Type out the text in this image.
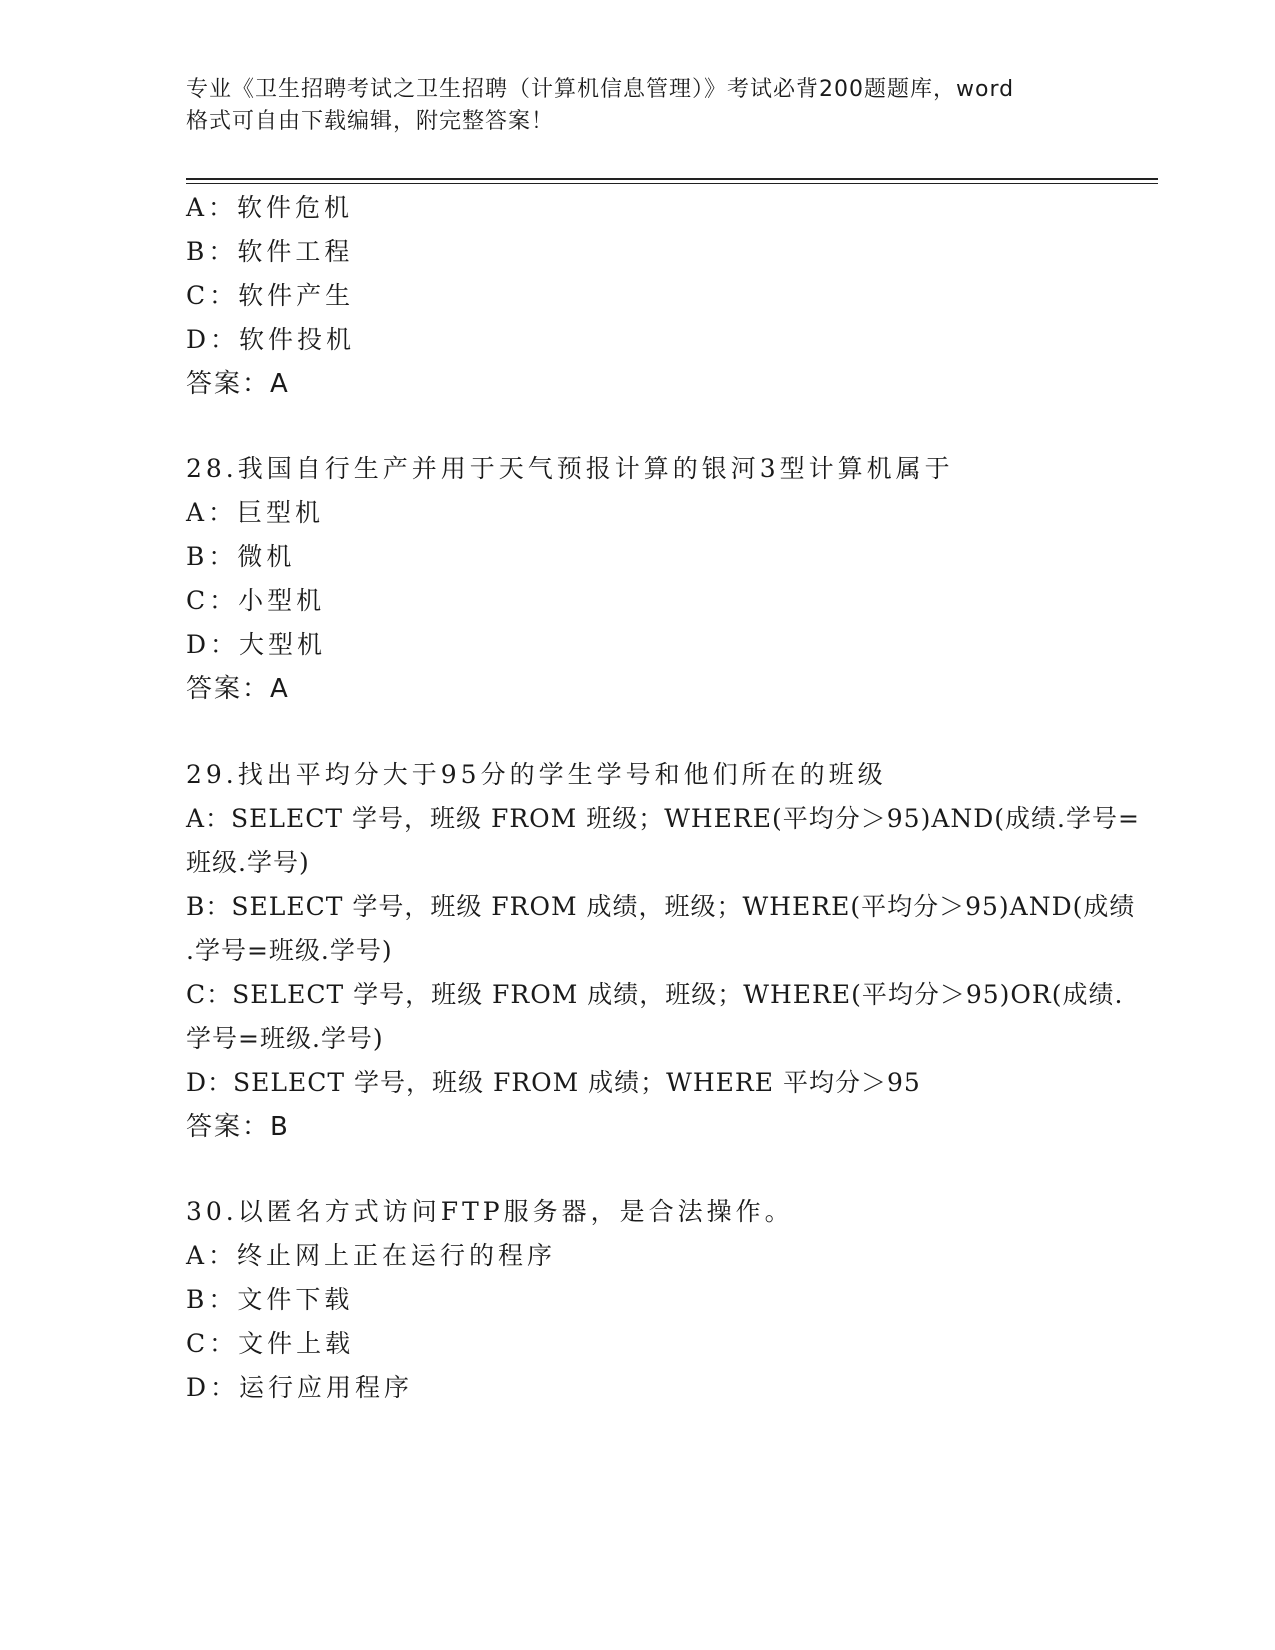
专业《卫生招聘考试之卫生招聘（计算机信息管理）》考试必背200题题库，word
格式可自由下载编辑，附完整答案！
A：软件危机
B：软件工程
C：软件产生
D：软件投机
答案：A
28.我国自行生产并用于天气预报计算的银河3型计算机属于
A：巨型机
B：微机
C：小型机
D：大型机
答案：A
29.找出平均分大于95分的学生学号和他们所在的班级
A：SELECT 学号，班级 FROM 班级；WHERE(平均分＞95)AND(成绩.学号=
班级.学号)
B：SELECT 学号，班级 FROM 成绩，班级；WHERE(平均分＞95)AND(成绩
.学号=班级.学号)
C：SELECT 学号，班级 FROM 成绩，班级；WHERE(平均分＞95)OR(成绩.
学号=班级.学号)
D：SELECT 学号，班级 FROM 成绩；WHERE 平均分＞95
答案：B
30.以匿名方式访问FTP服务器，是合法操作。
A：终止网上正在运行的程序
B：文件下载
C：文件上载
D：运行应用程序
